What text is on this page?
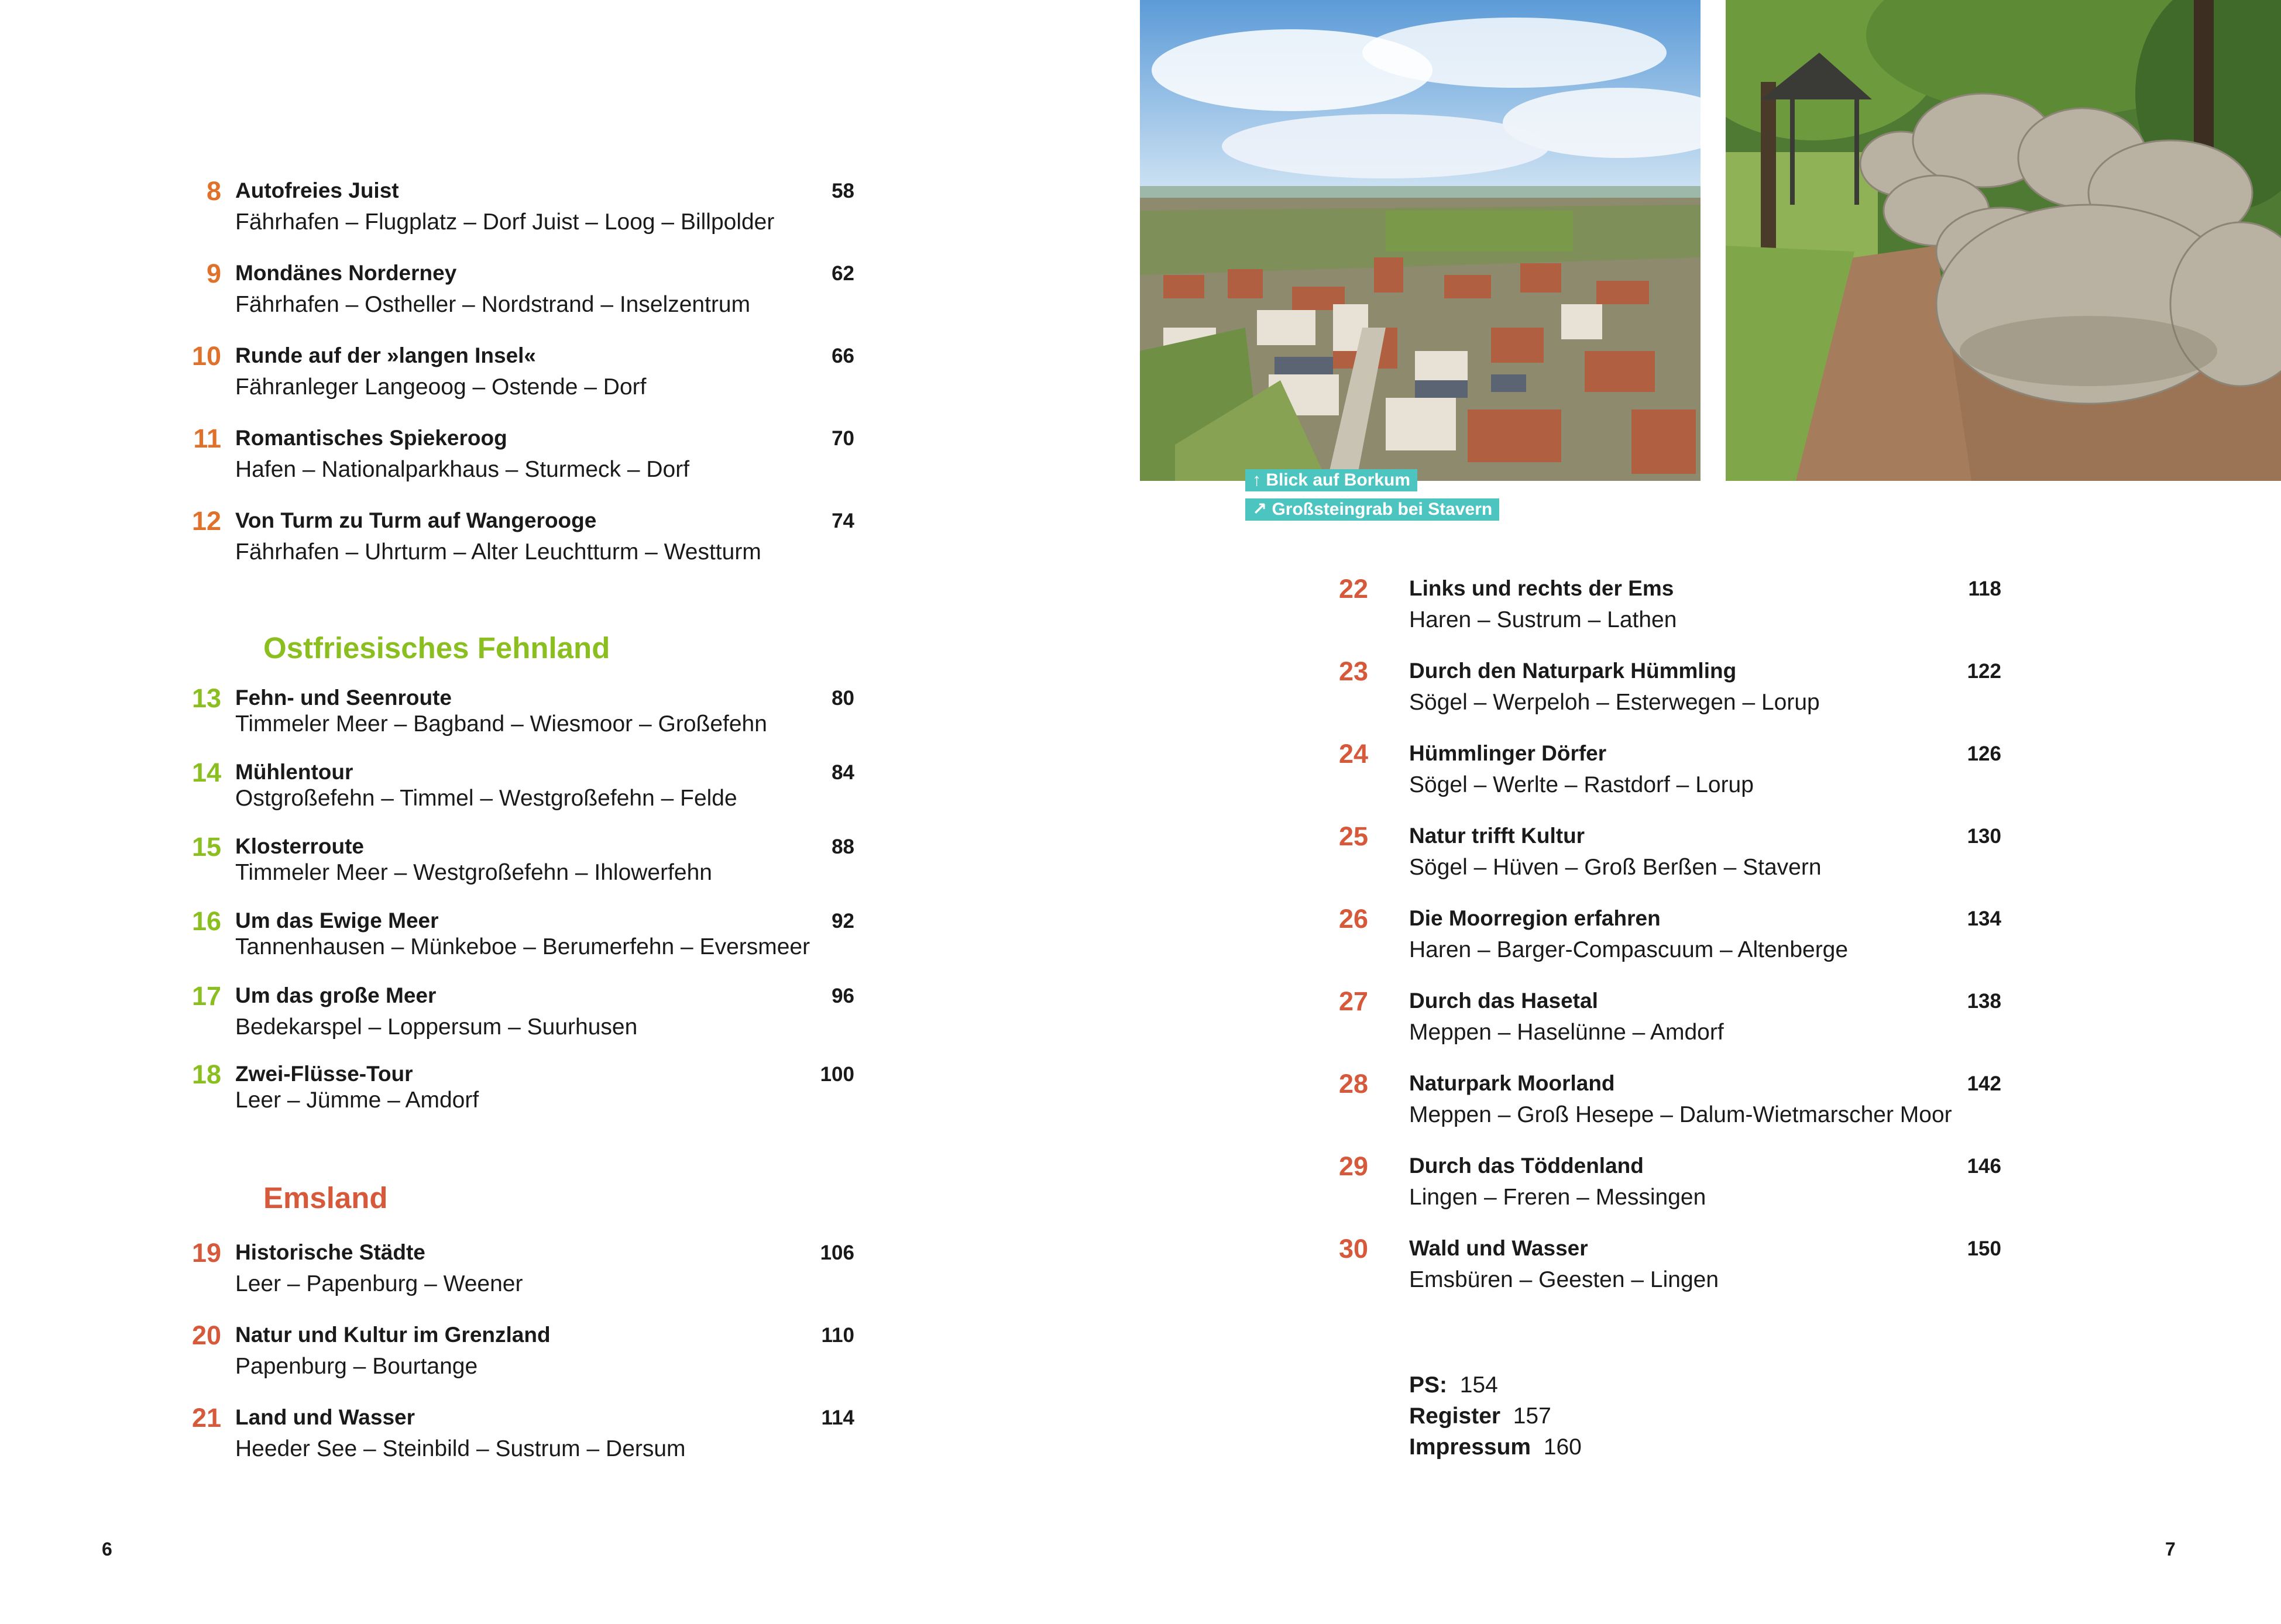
8 Autofreies Juist	58
Fährhafen – Flugplatz – Dorf Juist – Loog – Billpolder
9 Mondänes Norderney	62
Fährhafen – Ostheller – Nordstrand – Inselzentrum
10 Runde auf der »langen Insel«	66
Fähranleger Langeoog – Ostende – Dorf
11 Romantisches Spiekeroog	70
Hafen – Nationalparkhaus – Sturmeck – Dorf
12 Von Turm zu Turm auf Wangerooge	74
Fährhafen – Uhrturm – Alter Leuchtturm – Westturm
Ostfriesisches Fehnland
13 Fehn- und Seenroute	80
Timmeler Meer – Bagband – Wiesmoor – Großefehn
14 Mühlentour	84
Ostgroßefehn – Timmel – Westgroßefehn – Felde
15 Klosterroute	88
Timmeler Meer – Westgroßefehn – Ihlowerfehn
16 Um das Ewige Meer	92
Tannenhausen – Münkeboe – Berumerfehn – Eversmeer
17 Um das große Meer	96
Bedekarspel – Loppersum – Suurhusen
18 Zwei-Flüsse-Tour	100
Leer – Jümme – Amdorf
Emsland
19 Historische Städte	106
Leer – Papenburg – Weener
20 Natur und Kultur im Grenzland	110
Papenburg – Bourtange
21 Land und Wasser	114
Heeder See – Steinbild – Sustrum – Dersum
6
↑ Blick auf Borkum
↗ Großsteingrab bei Stavern
22 Links und rechts der Ems	118
Haren – Sustrum – Lathen
23 Durch den Naturpark Hümmling	122
Sögel – Werpeloh – Esterwegen – Lorup
24 Hümmlinger Dörfer	126
Sögel – Werlte – Rastdorf – Lorup
25 Natur trifft Kultur	130
Sögel – Hüven – Groß Berßen – Stavern
26 Die Moorregion erfahren	134
Haren – Barger-Compascuum – Altenberge
27 Durch das Hasetal	138
Meppen – Haselünne – Amdorf
28 Naturpark Moorland	142
Meppen – Groß Hesepe – Dalum-Wietmarscher Moor
29 Durch das Töddenland	146
Lingen – Freren – Messingen
30 Wald und Wasser	150
Emsbüren – Geesten – Lingen
PS: 154
Register 157
Impressum 160
7
